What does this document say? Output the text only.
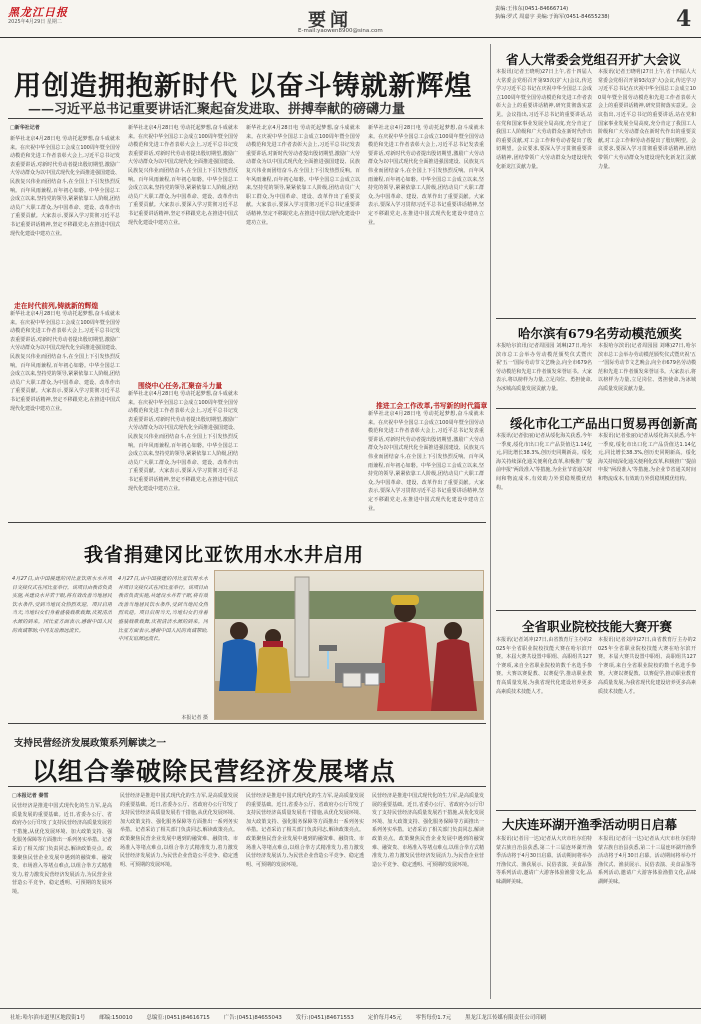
黑龙江日报
2025年4月29日 星期二	要闻
E-mail:yaowen8900@sina.com
责编:王伟东(0451-84666714)
执编:罗式 周嘉宇 美编:于海军(0451-84655238)	4
用创造拥抱新时代 以奋斗铸就新辉煌
——习近平总书记重要讲话汇聚起奋发进取、拼搏奉献的磅礴力量
□新华社记者
新华社北京4月28日电 劳动托起梦想,奋斗成就未来。在庆祝中华全国总工会成立100周年暨全国劳动模范和先进工作者表彰大会上,习近平总书记发表重要讲话,对新时代劳动者提出殷切期望,激励广大劳动群众为以中国式现代化全面推进强国建设、民族复兴伟业而团结奋斗,在全国上下引发热烈反响。百年风雨兼程,百年初心如磐。中华全国总工会成立以来,坚持党的领导,紧紧依靠工人阶级,团结动员广大职工群众,为中国革命、建设、改革作出了重要贡献。大家表示,要深入学习贯彻习近平总书记重要讲话精神,坚定不移跟党走,在推进中国式现代化建设中建功立业。
走在时代前列,铸就新的辉煌
新华社北京4月28日电 劳动托起梦想,奋斗成就未来。在庆祝中华全国总工会成立100周年暨全国劳动模范和先进工作者表彰大会上,习近平总书记发表重要讲话,对新时代劳动者提出殷切期望,激励广大劳动群众为以中国式现代化全面推进强国建设、民族复兴伟业而团结奋斗,在全国上下引发热烈反响。百年风雨兼程,百年初心如磐。中华全国总工会成立以来,坚持党的领导,紧紧依靠工人阶级,团结动员广大职工群众,为中国革命、建设、改革作出了重要贡献。大家表示,要深入学习贯彻习近平总书记重要讲话精神,坚定不移跟党走,在推进中国式现代化建设中建功立业。
新华社北京4月28日电 劳动托起梦想,奋斗成就未来。在庆祝中华全国总工会成立100周年暨全国劳动模范和先进工作者表彰大会上,习近平总书记发表重要讲话,对新时代劳动者提出殷切期望,激励广大劳动群众为以中国式现代化全面推进强国建设、民族复兴伟业而团结奋斗,在全国上下引发热烈反响。百年风雨兼程,百年初心如磐。中华全国总工会成立以来,坚持党的领导,紧紧依靠工人阶级,团结动员广大职工群众,为中国革命、建设、改革作出了重要贡献。大家表示,要深入学习贯彻习近平总书记重要讲话精神,坚定不移跟党走,在推进中国式现代化建设中建功立业。
围绕中心任务,汇聚奋斗力量
新华社北京4月28日电 劳动托起梦想,奋斗成就未来。在庆祝中华全国总工会成立100周年暨全国劳动模范和先进工作者表彰大会上,习近平总书记发表重要讲话,对新时代劳动者提出殷切期望,激励广大劳动群众为以中国式现代化全面推进强国建设、民族复兴伟业而团结奋斗,在全国上下引发热烈反响。百年风雨兼程,百年初心如磐。中华全国总工会成立以来,坚持党的领导,紧紧依靠工人阶级,团结动员广大职工群众,为中国革命、建设、改革作出了重要贡献。大家表示,要深入学习贯彻习近平总书记重要讲话精神,坚定不移跟党走,在推进中国式现代化建设中建功立业。
新华社北京4月28日电 劳动托起梦想,奋斗成就未来。在庆祝中华全国总工会成立100周年暨全国劳动模范和先进工作者表彰大会上,习近平总书记发表重要讲话,对新时代劳动者提出殷切期望,激励广大劳动群众为以中国式现代化全面推进强国建设、民族复兴伟业而团结奋斗,在全国上下引发热烈反响。百年风雨兼程,百年初心如磐。中华全国总工会成立以来,坚持党的领导,紧紧依靠工人阶级,团结动员广大职工群众,为中国革命、建设、改革作出了重要贡献。大家表示,要深入学习贯彻习近平总书记重要讲话精神,坚定不移跟党走,在推进中国式现代化建设中建功立业。
新华社北京4月28日电 劳动托起梦想,奋斗成就未来。在庆祝中华全国总工会成立100周年暨全国劳动模范和先进工作者表彰大会上,习近平总书记发表重要讲话,对新时代劳动者提出殷切期望,激励广大劳动群众为以中国式现代化全面推进强国建设、民族复兴伟业而团结奋斗,在全国上下引发热烈反响。百年风雨兼程,百年初心如磐。中华全国总工会成立以来,坚持党的领导,紧紧依靠工人阶级,团结动员广大职工群众,为中国革命、建设、改革作出了重要贡献。大家表示,要深入学习贯彻习近平总书记重要讲话精神,坚定不移跟党走,在推进中国式现代化建设中建功立业。
推进工会工作改革,书写新的时代篇章
新华社北京4月28日电 劳动托起梦想,奋斗成就未来。在庆祝中华全国总工会成立100周年暨全国劳动模范和先进工作者表彰大会上,习近平总书记发表重要讲话,对新时代劳动者提出殷切期望,激励广大劳动群众为以中国式现代化全面推进强国建设、民族复兴伟业而团结奋斗,在全国上下引发热烈反响。百年风雨兼程,百年初心如磐。中华全国总工会成立以来,坚持党的领导,紧紧依靠工人阶级,团结动员广大职工群众,为中国革命、建设、改革作出了重要贡献。大家表示,要深入学习贯彻习近平总书记重要讲话精神,坚定不移跟党走,在推进中国式现代化建设中建功立业。
省人大常委会党组召开扩大会议
本报讯(记者王晓明)27日上午,省十四届人大常委会党组召开第93次(扩大)会议,传达学习习近平总书记在庆祝中华全国总工会成立100周年暨全国劳动模范和先进工作者表彰大会上的重要讲话精神,研究贯彻落实意见。会议指出,习近平总书记的重要讲话,站在党和国家事业发展全局高度,充分肯定了我国工人阶级和广大劳动群众在新时代作出的重要贡献,对工会工作和劳动者提出了殷切期望。会议要求,要深入学习贯彻重要讲话精神,团结带领广大劳动群众为建设现代化新龙江贡献力量。
本报讯(记者王晓明)27日上午,省十四届人大常委会党组召开第93次(扩大)会议,传达学习习近平总书记在庆祝中华全国总工会成立100周年暨全国劳动模范和先进工作者表彰大会上的重要讲话精神,研究贯彻落实意见。会议指出,习近平总书记的重要讲话,站在党和国家事业发展全局高度,充分肯定了我国工人阶级和广大劳动群众在新时代作出的重要贡献,对工会工作和劳动者提出了殷切期望。会议要求,要深入学习贯彻重要讲话精神,团结带领广大劳动群众为建设现代化新龙江贡献力量。
哈尔滨有679名劳动模范颁奖
本报哈尔滨讯(记者周园园 刘琳)27日,哈尔滨市总工会举办劳动模范颁奖仪式暨庆祝'五一'国际劳动节文艺晚会,向全市679名劳动模范和先进工作者颁发荣誉证书。大家表示,将以榜样为力量,立足岗位、勇担使命,为冰城高质量发展贡献力量。
本报哈尔滨讯(记者周园园 刘琳)27日,哈尔滨市总工会举办劳动模范颁奖仪式暨庆祝'五一'国际劳动节文艺晚会,向全市679名劳动模范和先进工作者颁发荣誉证书。大家表示,将以榜样为力量,立足岗位、勇担使命,为冰城高质量发展贡献力量。
绥化市化工产品出口贸易再创新高
本报讯(记者张丽)记者从绥化海关获悉,今年一季度,绥化市出口化工产品货值达1.14亿元,同比增长38.3%,创历史同期新高。绥化海关持续深化通关便利化改革,积极推广'提前申报''两段准入'等措施,为企业节省通关时间和物流成本,有效助力外贸稳规模优结构。
本报讯(记者张丽)记者从绥化海关获悉,今年一季度,绥化市出口化工产品货值达1.14亿元,同比增长38.3%,创历史同期新高。绥化海关持续深化通关便利化改革,积极推广'提前申报''两段准入'等措施,为企业节省通关时间和物流成本,有效助力外贸稳规模优结构。
全省职业院校技能大赛开赛
本报讯(记者刘冲)27日,由省教育厅主办的2025年全省职业院校技能大赛在哈尔滨开赛。本届大赛共设置中职组、高职组共127个赛项,来自全省职业院校的数千名选手参赛。大赛以赛促教、以赛促学,推动职业教育高质量发展,为我省现代化建设培养更多高素质技术技能人才。
本报讯(记者刘冲)27日,由省教育厅主办的2025年全省职业院校技能大赛在哈尔滨开赛。本届大赛共设置中职组、高职组共127个赛项,来自全省职业院校的数千名选手参赛。大赛以赛促教、以赛促学,推动职业教育高质量发展,为我省现代化建设培养更多高素质技术技能人才。
大庆连环湖开渔季活动明日启幕
本报讯(记者闫一达)记者从大庆市杜尔伯特蒙古族自治县获悉,第二十三届连环湖开渔季活动将于4月30日启幕。活动期间将举办开渔仪式、渔获展示、民俗表演、美食品鉴等系列活动,邀请广大游客体验渔猎文化,品味湖鲜美味。
本报讯(记者闫一达)记者从大庆市杜尔伯特蒙古族自治县获悉,第二十三届连环湖开渔季活动将于4月30日启幕。活动期间将举办开渔仪式、渔获展示、民俗表演、美食品鉴等系列活动,邀请广大游客体验渔猎文化,品味湖鲜美味。
我省捐建冈比亚饮用水水井启用
4月27日,由中国援建的冈比亚饮用水水井项目交接仪式在冈比亚举行。该项目由我省负责实施,共建设水井若干眼,将有效改善当地居民饮水条件,受到当地民众热烈欢迎。项目启用当天,当地妇女们身着盛装载歌载舞,庆祝清洁水源的到来。冈比亚方面表示,感谢中国人民的真诚帮助,中冈友谊源远流长。
4月27日,由中国援建的冈比亚饮用水水井项目交接仪式在冈比亚举行。该项目由我省负责实施,共建设水井若干眼,将有效改善当地居民饮水条件,受到当地民众热烈欢迎。项目启用当天,当地妇女们身着盛装载歌载舞,庆祝清洁水源的到来。冈比亚方面表示,感谢中国人民的真诚帮助,中冈友谊源远流长。
本报记者 摄
支持民营经济发展政策系列解读之一
以组合拳破除民营经济发展堵点
□本报记者 秦雪
民营经济是推进中国式现代化的生力军,是高质量发展的重要基础。近日,省委办公厅、省政府办公厅印发了支持民营经济高质量发展若干措施,从优化发展环境、加大政策支持、强化服务保障等方面推出一系列务实举措。记者采访了相关部门负责同志,解读政策亮点。政策聚焦民营企业发展中遇到的融资难、融资贵、市场准入等堵点难点,以组合拳方式精准发力,着力激发民营经济发展活力,为民营企业营造公平竞争、稳定透明、可预期的发展环境。
民营经济是推进中国式现代化的生力军,是高质量发展的重要基础。近日,省委办公厅、省政府办公厅印发了支持民营经济高质量发展若干措施,从优化发展环境、加大政策支持、强化服务保障等方面推出一系列务实举措。记者采访了相关部门负责同志,解读政策亮点。政策聚焦民营企业发展中遇到的融资难、融资贵、市场准入等堵点难点,以组合拳方式精准发力,着力激发民营经济发展活力,为民营企业营造公平竞争、稳定透明、可预期的发展环境。
民营经济是推进中国式现代化的生力军,是高质量发展的重要基础。近日,省委办公厅、省政府办公厅印发了支持民营经济高质量发展若干措施,从优化发展环境、加大政策支持、强化服务保障等方面推出一系列务实举措。记者采访了相关部门负责同志,解读政策亮点。政策聚焦民营企业发展中遇到的融资难、融资贵、市场准入等堵点难点,以组合拳方式精准发力,着力激发民营经济发展活力,为民营企业营造公平竞争、稳定透明、可预期的发展环境。
民营经济是推进中国式现代化的生力军,是高质量发展的重要基础。近日,省委办公厅、省政府办公厅印发了支持民营经济高质量发展若干措施,从优化发展环境、加大政策支持、强化服务保障等方面推出一系列务实举措。记者采访了相关部门负责同志,解读政策亮点。政策聚焦民营企业发展中遇到的融资难、融资贵、市场准入等堵点难点,以组合拳方式精准发力,着力激发民营经济发展活力,为民营企业营造公平竞争、稳定透明、可预期的发展环境。
社址:哈尔滨市道里区地段街1号	邮编:150010	总编室:(0451)84616715	广告:(0451)84655043	发行:(0451)84671553	定价每月45元	零售每份1.7元	黑龙江龙江传媒有限责任公司印刷
